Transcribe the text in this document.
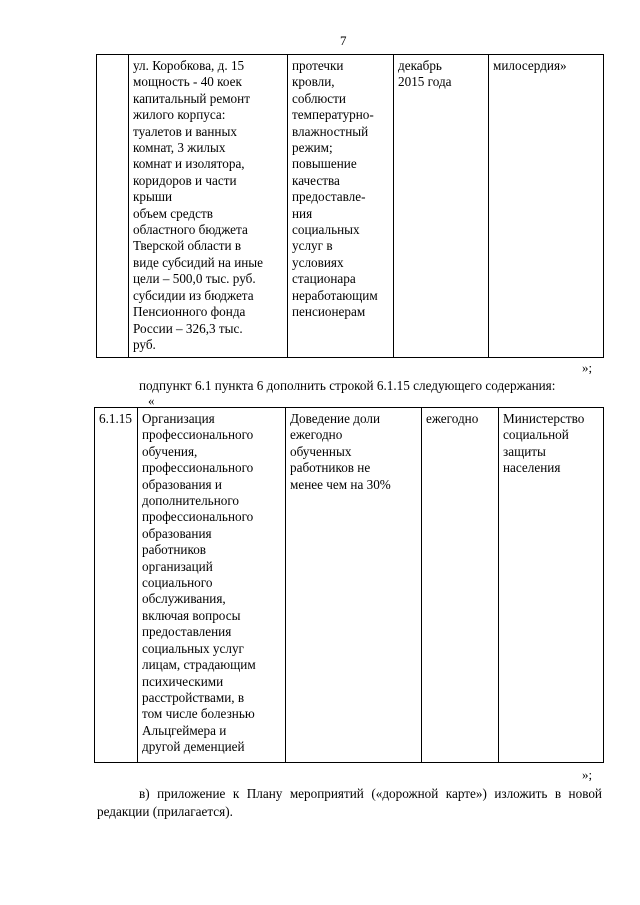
7
	ул. Коробкова, д. 15
мощность - 40 коек
капитальный ремонт
жилого корпуса:
туалетов и ванных
комнат, 3 жилых
комнат и изолятора,
коридоров и части
крыши
объем средств
областного бюджета
Тверской области в
виде субсидий на иные
цели – 500,0 тыс. руб.
субсидии из бюджета
Пенсионного фонда
России – 326,3 тыс.
руб.	протечки
кровли,
соблюсти
температурно-
влажностный
режим;
повышение
качества
предоставле-
ния
социальных
услуг в
условиях
стационара
неработающим
пенсионерам	декабрь
2015 года	милосердия»
»;
подпункт 6.1 пункта 6 дополнить строкой 6.1.15 следующего содержания:
«
6.1.15	Организация
профессионального
обучения,
профессионального
образования и
дополнительного
профессионального
образования
работников
организаций
социального
обслуживания,
включая вопросы
предоставления
социальных услуг
лицам, страдающим
психическими
расстройствами, в
том числе болезнью
Альцгеймера и
другой деменцией	Доведение доли
ежегодно
обученных
работников не
менее чем на 30%	ежегодно	Министерство
социальной
защиты
населения
»;
в) приложение к Плану мероприятий («дорожной карте») изложить в новой редакции (прилагается).
